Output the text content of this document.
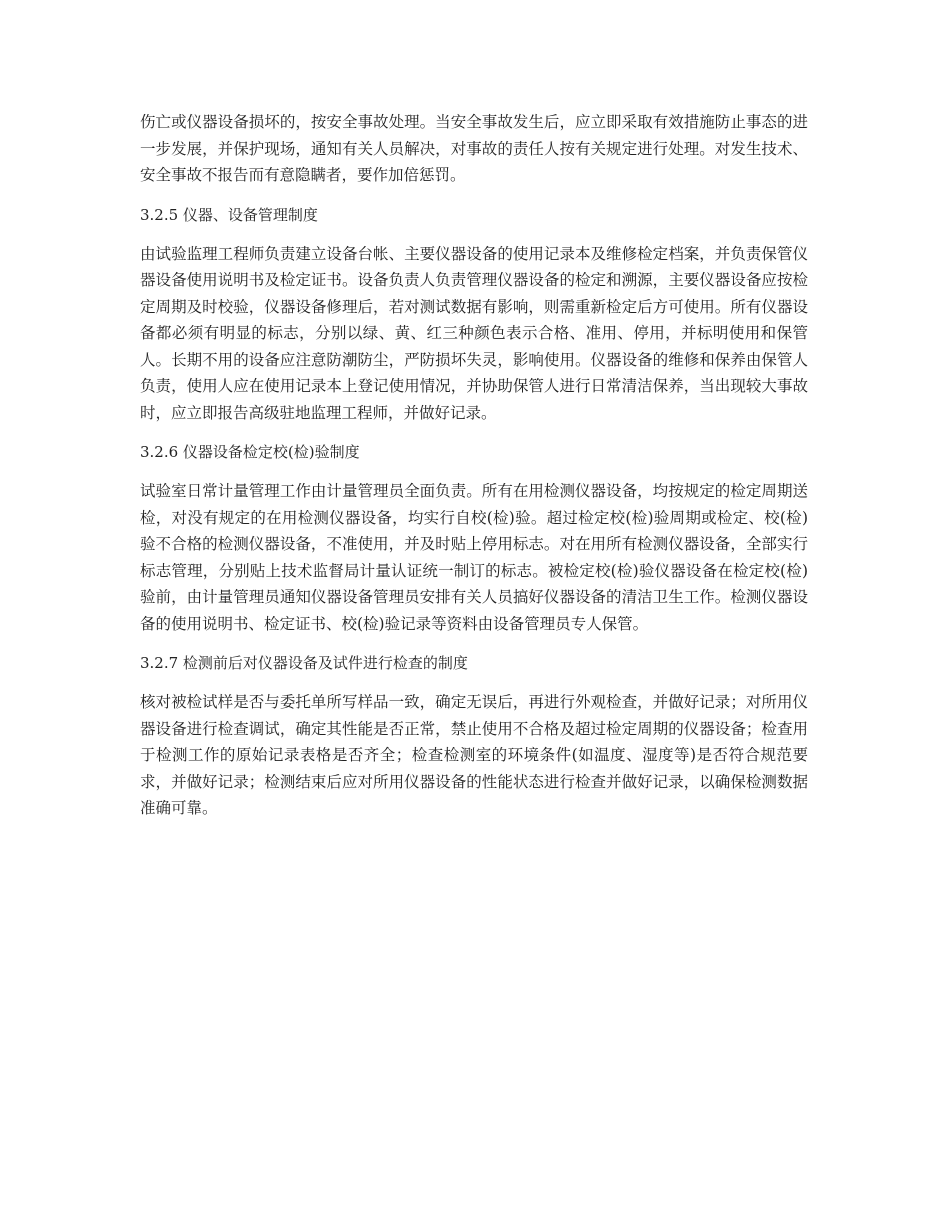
伤亡或仪器设备损坏的，按安全事故处理。当安全事故发生后，应立即采取有效措施防止事态的进一步发展，并保护现场，通知有关人员解决，对事故的责任人按有关规定进行处理。对发生技术、安全事故不报告而有意隐瞒者，要作加倍惩罚。

3.2.5 仪器、设备管理制度

由试验监理工程师负责建立设备台帐、主要仪器设备的使用记录本及维修检定档案，并负责保管仪器设备使用说明书及检定证书。设备负责人负责管理仪器设备的检定和溯源，主要仪器设备应按检定周期及时校验，仪器设备修理后，若对测试数据有影响，则需重新检定后方可使用。所有仪器设备都必须有明显的标志，分别以绿、黄、红三种颜色表示合格、准用、停用，并标明使用和保管人。长期不用的设备应注意防潮防尘，严防损坏失灵，影响使用。仪器设备的维修和保养由保管人负责，使用人应在使用记录本上登记使用情况，并协助保管人进行日常清洁保养，当出现较大事故时，应立即报告高级驻地监理工程师，并做好记录。

3.2.6 仪器设备检定校(检)验制度

试验室日常计量管理工作由计量管理员全面负责。所有在用检测仪器设备，均按规定的检定周期送检，对没有规定的在用检测仪器设备，均实行自校(检)验。超过检定校(检)验周期或检定、校(检)验不合格的检测仪器设备，不准使用，并及时贴上停用标志。对在用所有检测仪器设备，全部实行标志管理，分别贴上技术监督局计量认证统一制订的标志。被检定校(检)验仪器设备在检定校(检)验前，由计量管理员通知仪器设备管理员安排有关人员搞好仪器设备的清洁卫生工作。检测仪器设备的使用说明书、检定证书、校(检)验记录等资料由设备管理员专人保管。

3.2.7 检测前后对仪器设备及试件进行检查的制度

核对被检试样是否与委托单所写样品一致，确定无误后，再进行外观检查，并做好记录；对所用仪器设备进行检查调试，确定其性能是否正常，禁止使用不合格及超过检定周期的仪器设备；检查用于检测工作的原始记录表格是否齐全；检查检测室的环境条件(如温度、湿度等)是否符合规范要求，并做好记录；检测结束后应对所用仪器设备的性能状态进行检查并做好记录，以确保检测数据准确可靠。
